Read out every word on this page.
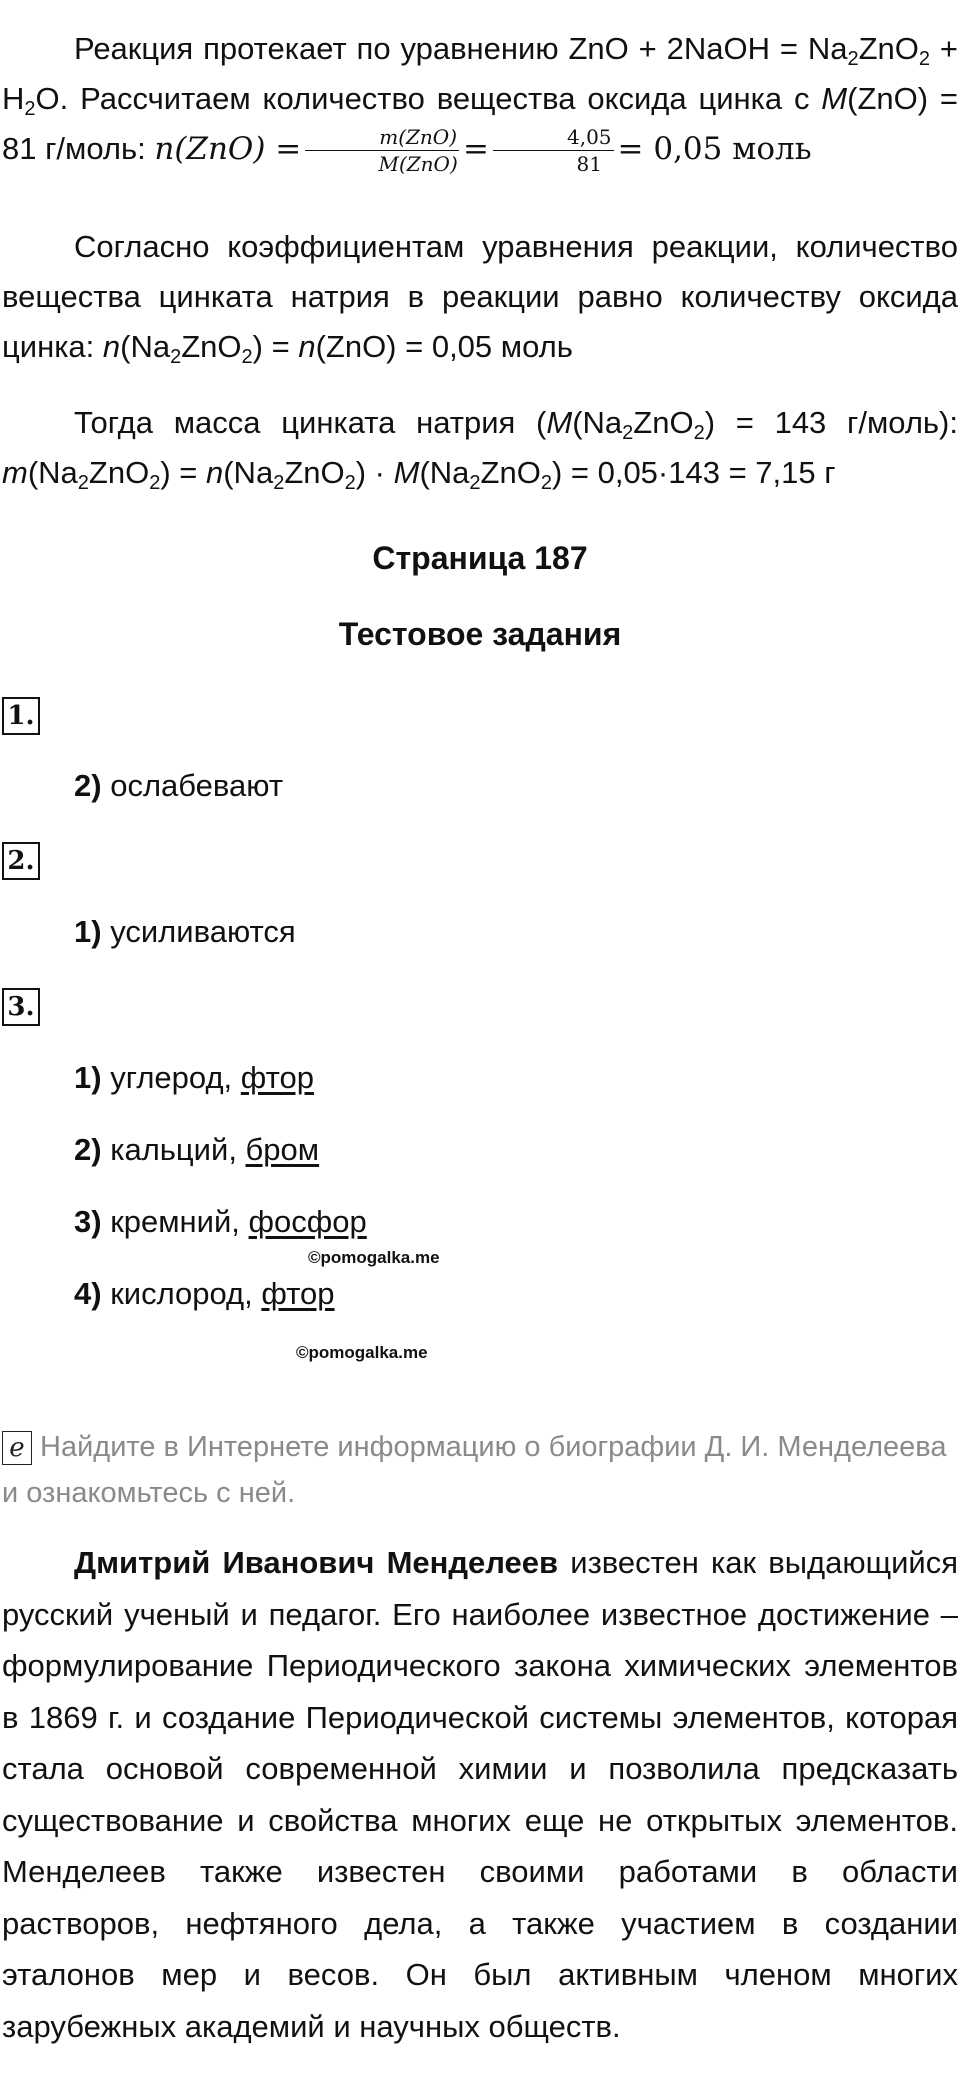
Реакция протекает по уравнению ZnO + 2NaOH = $Na_2ZnO_2 + H_2O$. Рассчитаем количество вещества оксида цинка с M(ZnO) = 81 г/моль: $n(ZnO) = \frac{\text{m(ZnO)}}{\text{M(ZnO)}} = \frac{4,05}{81} = 0,05$ моль

Согласно коэффициентам уравнения реакции, количество вещества цинката натрия в реакции равно количеству оксида цинка: $n(Na_2ZnO_2) = n(ZnO) = 0,05$ моль

Тогда масса цинката натрия ($M(Na_2ZnO_2) = 143$ г/моль): $m(Na_2ZnO_2) = n(Na_2ZnO_2) \cdot M(Na_2ZnO_2) = 0,05\cdot 143 = 7,15$ г

Страница 187
Тестовое задания
1.
2) ослабевают
2.
1) усиливаются
3.
1) углерод, фтор
2) кальций, бром
3) кремний, фосфор
©pomogalka.me
4) кислород, фтор
©pomogalka.me

e Найдите в Интернете информацию о биографии Д. И. Менделеева и ознакомьтесь с ней.

Дмитрий Иванович Менделеев известен как выдающийся русский ученый и педагог. Его наиболее известное достижение – формулирование Периодического закона химических элементов в 1869 г. и создание Периодической системы элементов, которая стала основой современной химии и позволила предсказать существование и свойства многих еще не открытых элементов. Менделеев также известен своими работами в области растворов, нефтяного дела, а также участием в создании эталонов мер и весов. Он был активным членом многих зарубежных академий и научных обществ.
